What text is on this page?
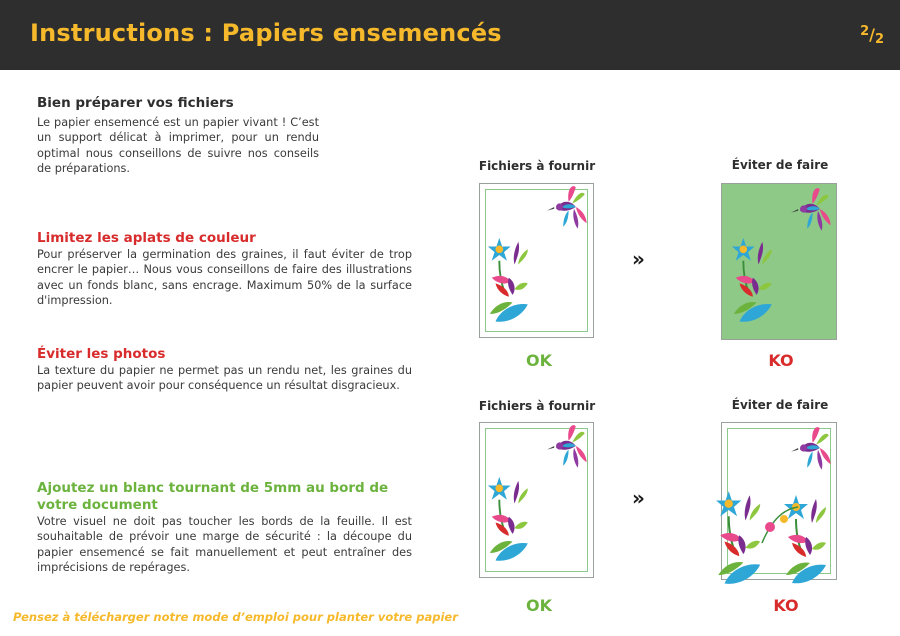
Instructions : Papiers ensemencés	$^2/_2$
Bien préparer vos fichiers

Le papier ensemencé est un papier vivant ! C’est un support délicat à imprimer, pour un rendu optimal nous conseillons de suivre nos conseils de préparations.

Limitez les aplats de couleur

Pour préserver la germination des graines, il faut éviter de trop encrer le papier… Nous vous conseillons de faire des illustrations avec un fonds blanc, sans encrage. Maximum 50% de la surface d'impression.

Éviter les photos

La texture du papier ne permet pas un rendu net, les graines du papier peuvent avoir pour conséquence un résultat disgracieux.

Ajoutez un blanc tournant de 5mm au bord de votre document

Votre visuel ne doit pas toucher les bords de la feuille. Il est souhaitable de prévoir une marge de sécurité : la découpe du papier ensemencé se fait manuellement et peut entraîner des imprécisions de repérages.

Pensez à télécharger notre mode d’emploi pour planter votre papier
Fichiers à fournir	Éviter de faire
»
OK	KO
Fichiers à fournir	Éviter de faire
»
OK	KO
